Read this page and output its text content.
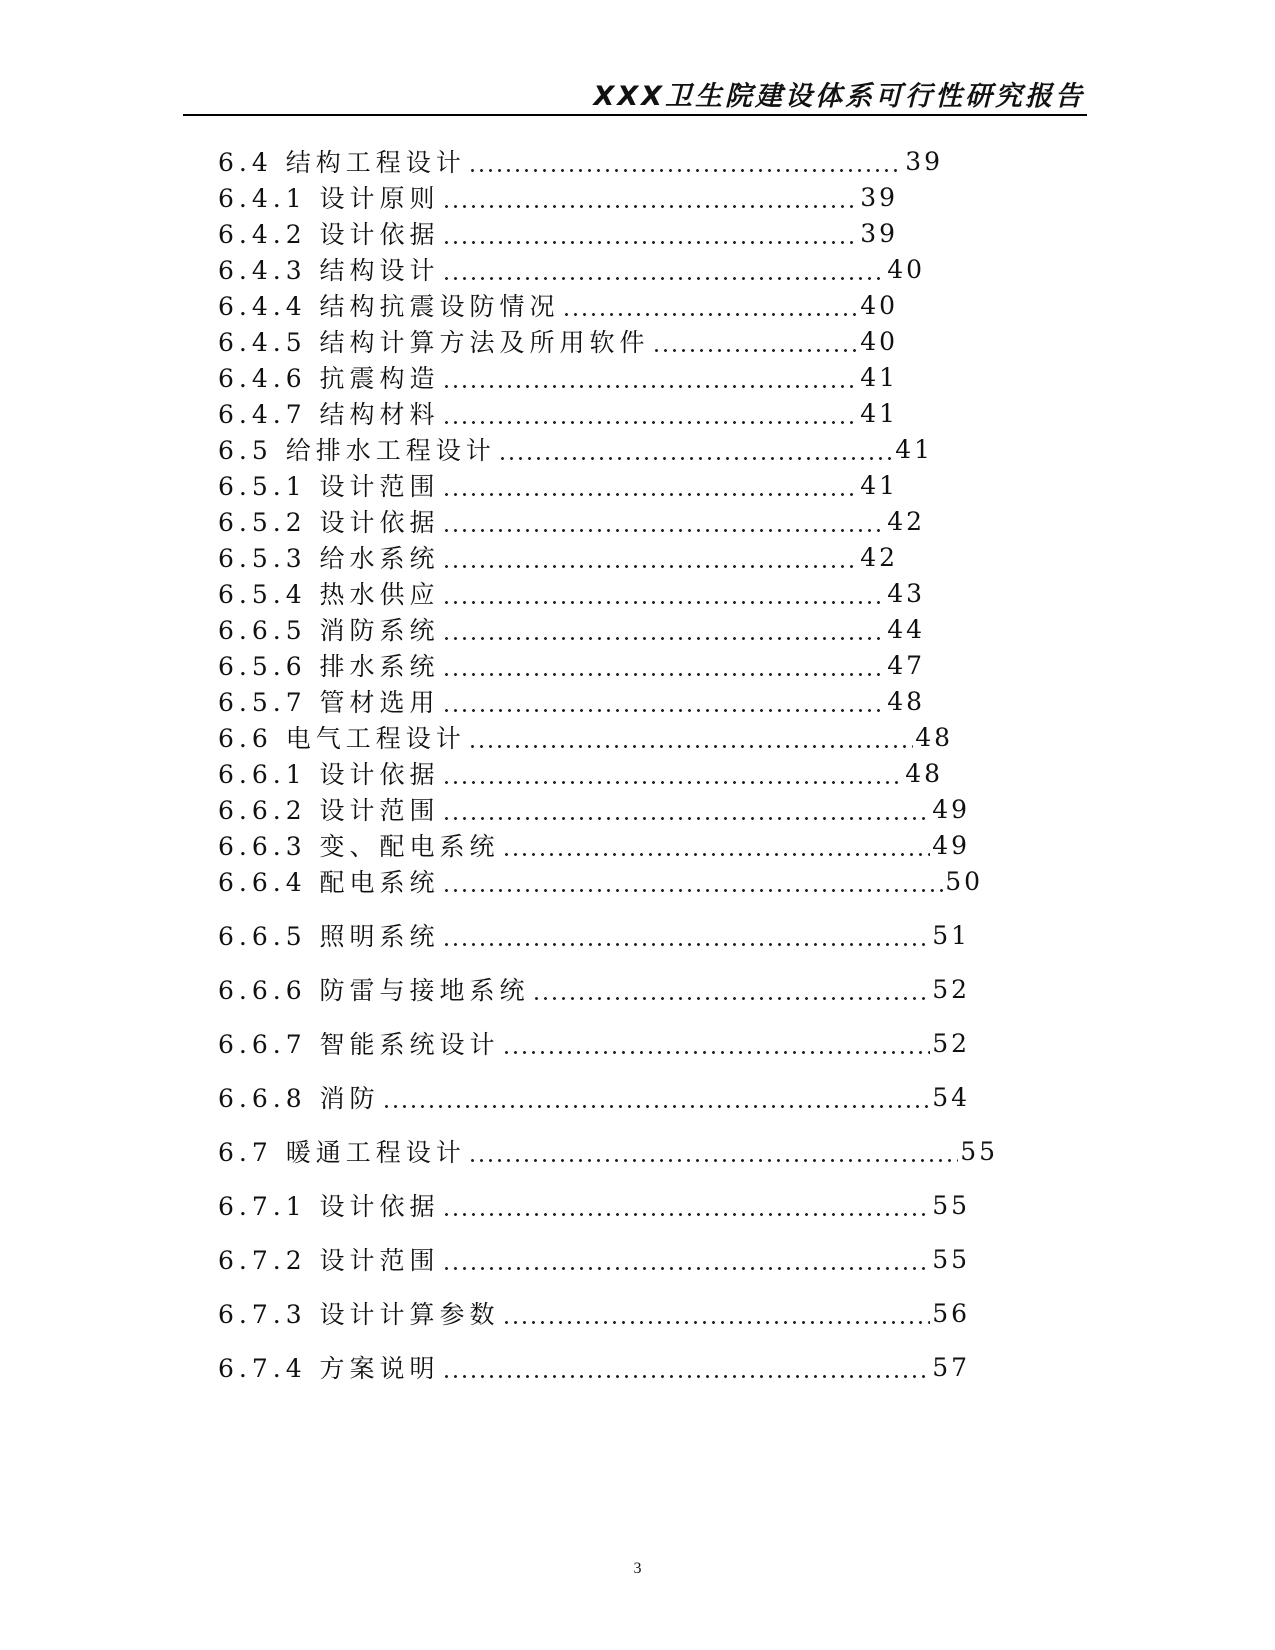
XXX卫生院建设体系可行性研究报告
6.4 结构工程设计	39
6.4.1 设计原则	39
6.4.2 设计依据	39
6.4.3 结构设计	40
6.4.4 结构抗震设防情况	40
6.4.5 结构计算方法及所用软件	40
6.4.6 抗震构造	41
6.4.7 结构材料	41
6.5 给排水工程设计	41
6.5.1 设计范围	41
6.5.2 设计依据	42
6.5.3 给水系统	42
6.5.4 热水供应	43
6.6.5 消防系统	44
6.5.6 排水系统	47
6.5.7 管材选用	48
6.6 电气工程设计	48
6.6.1 设计依据	48
6.6.2 设计范围	49
6.6.3 变、配电系统	49
6.6.4 配电系统	50
6.6.5 照明系统	51
6.6.6 防雷与接地系统	52
6.6.7 智能系统设计	52
6.6.8 消防	54
6.7 暖通工程设计	55
6.7.1 设计依据	55
6.7.2 设计范围	55
6.7.3 设计计算参数	56
6.7.4 方案说明	57
3
